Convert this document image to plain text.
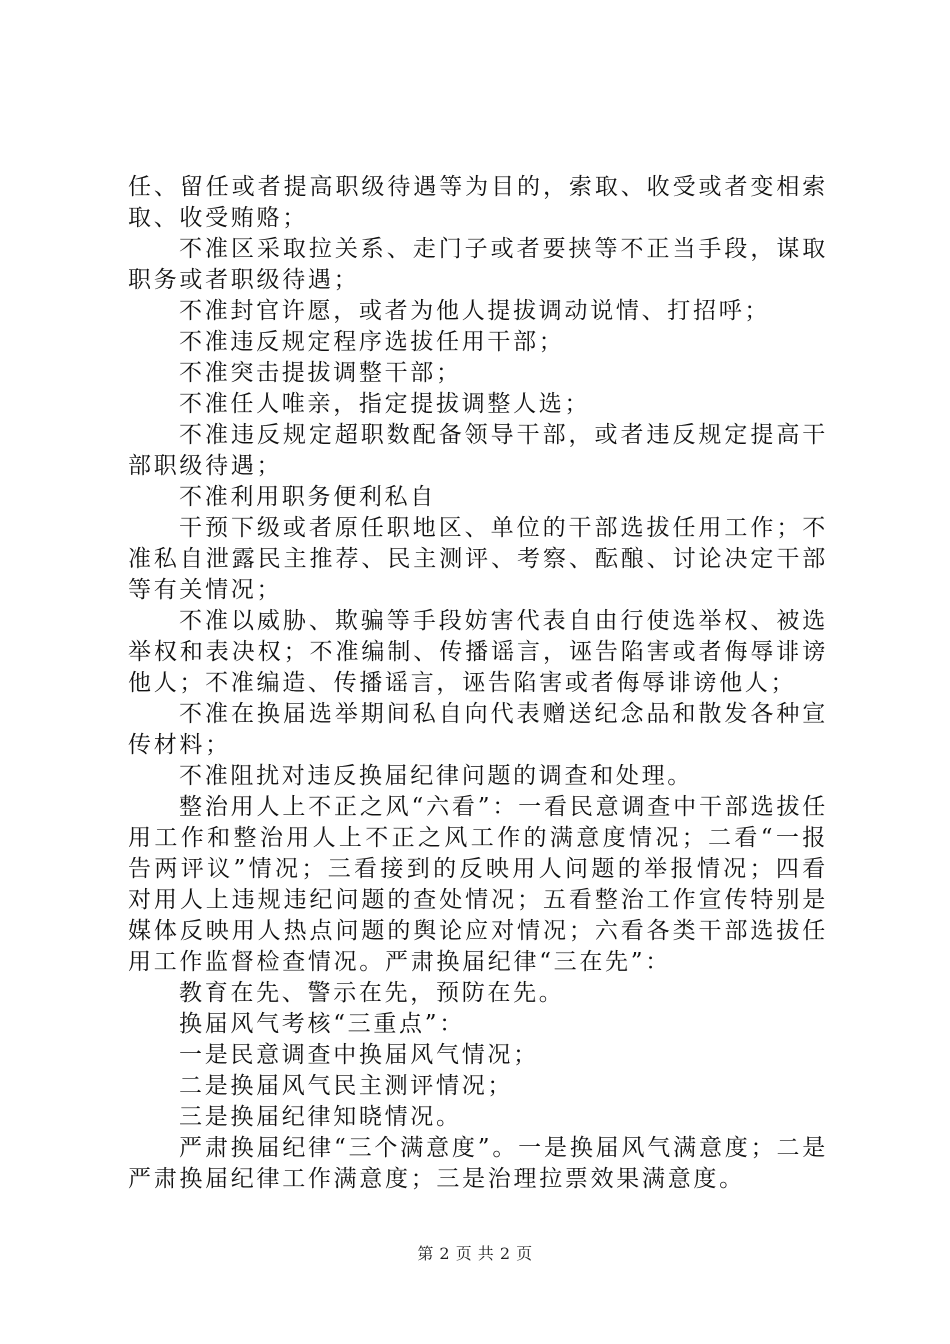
任、留任或者提高职级待遇等为目的，索取、收受或者变相索取、收受贿赂；

不准区采取拉关系、走门子或者要挟等不正当手段，谋取职务或者职级待遇；

不准封官许愿，或者为他人提拔调动说情、打招呼；

不准违反规定程序选拔任用干部；

不准突击提拔调整干部；

不准任人唯亲，指定提拔调整人选；

不准违反规定超职数配备领导干部，或者违反规定提高干部职级待遇；

不准利用职务便利私自

干预下级或者原任职地区、单位的干部选拔任用工作；不准私自泄露民主推荐、民主测评、考察、酝酿、讨论决定干部等有关情况；

不准以威胁、欺骗等手段妨害代表自由行使选举权、被选举权和表决权；不准编制、传播谣言，诬告陷害或者侮辱诽谤他人；不准编造、传播谣言，诬告陷害或者侮辱诽谤他人；

不准在换届选举期间私自向代表赠送纪念品和散发各种宣传材料；

不准阻扰对违反换届纪律问题的调查和处理。

整治用人上不正之风“六看”：一看民意调查中干部选拔任用工作和整治用人上不正之风工作的满意度情况；二看“一报告两评议”情况；三看接到的反映用人问题的举报情况；四看对用人上违规违纪问题的查处情况；五看整治工作宣传特别是媒体反映用人热点问题的舆论应对情况；六看各类干部选拔任用工作监督检查情况。严肃换届纪律“三在先”：

教育在先、警示在先，预防在先。

换届风气考核“三重点”：

一是民意调查中换届风气情况；

二是换届风气民主测评情况；

三是换届纪律知晓情况。

严肃换届纪律“三个满意度”。一是换届风气满意度；二是严肃换届纪律工作满意度；三是治理拉票效果满意度。

第 2 页 共 2 页
